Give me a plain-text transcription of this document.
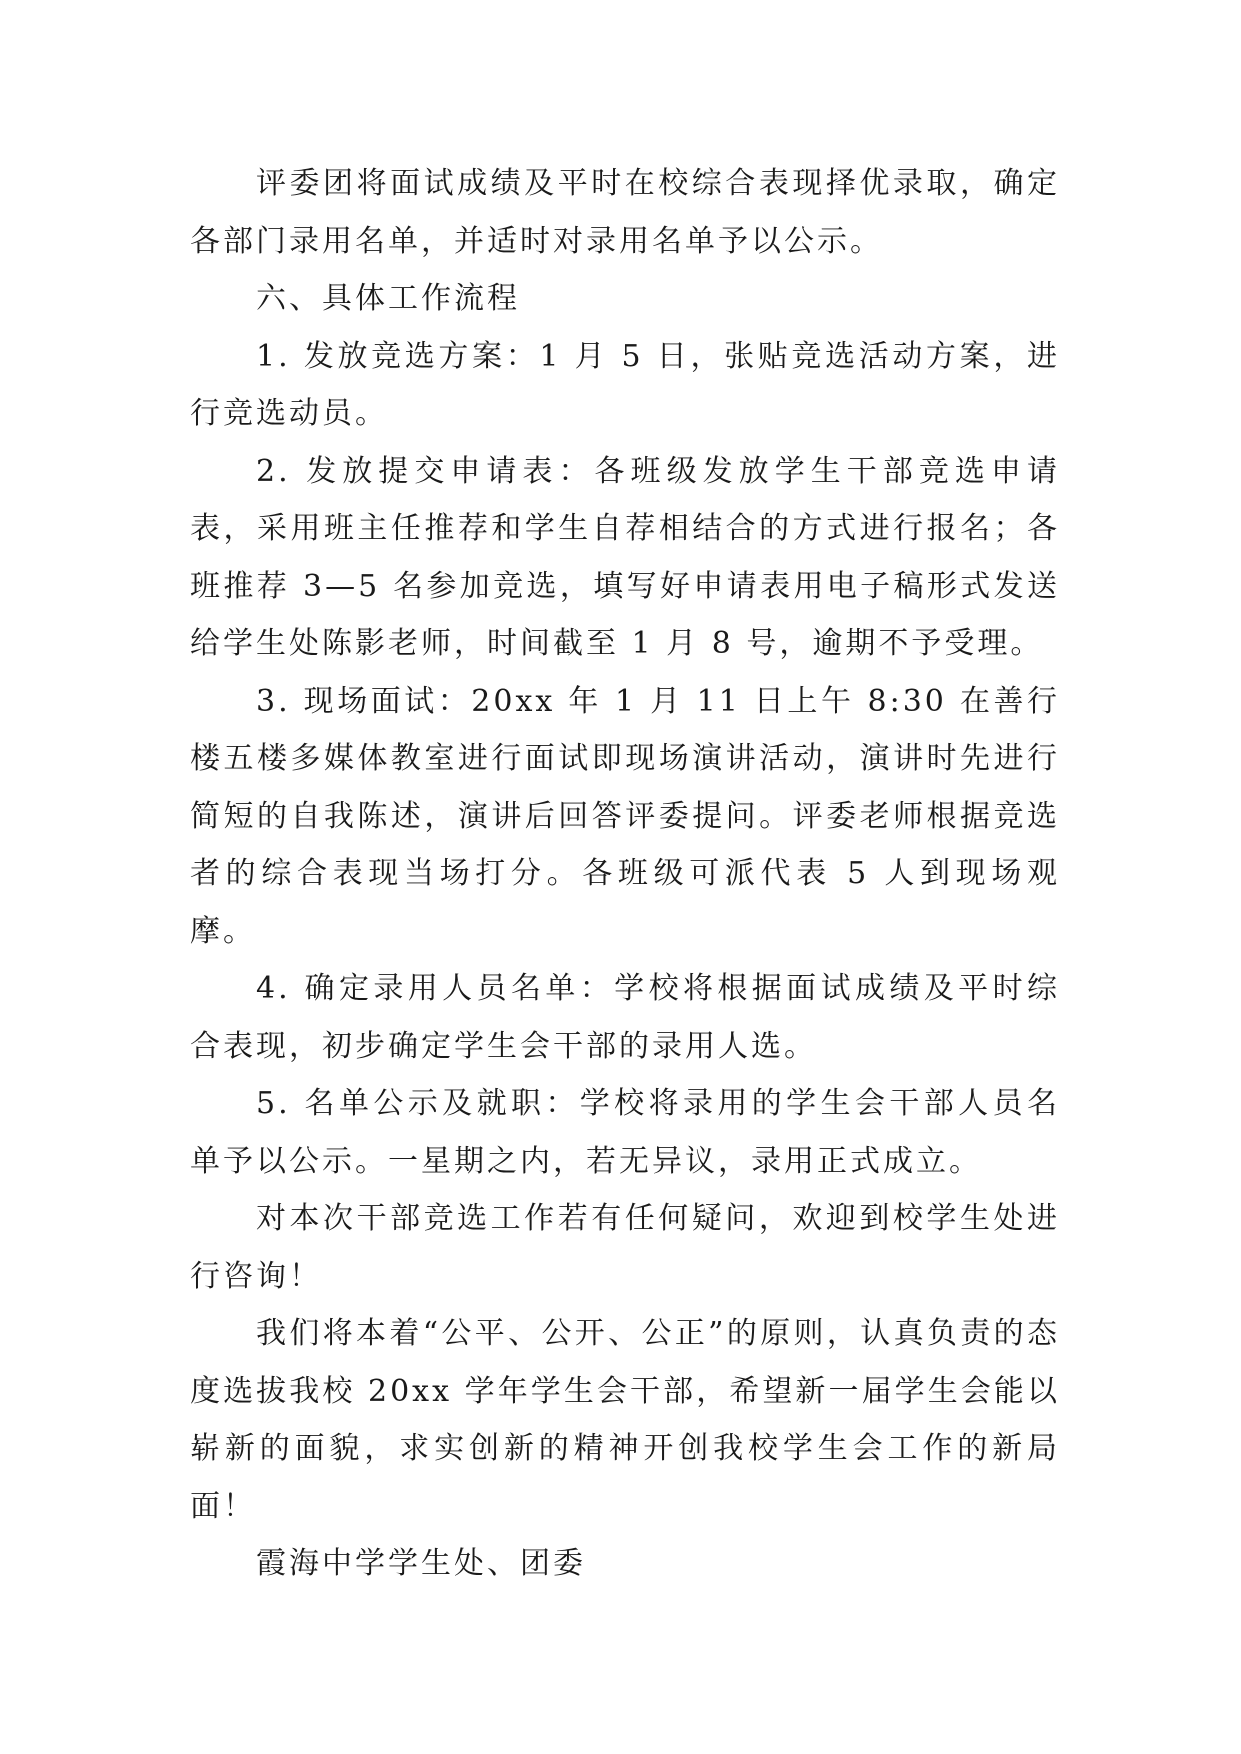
评委团将面试成绩及平时在校综合表现择优录取，确定各部门录用名单，并适时对录用名单予以公示。

六、具体工作流程

1. 发放竞选方案：1 月 5 日，张贴竞选活动方案，进行竞选动员。

2. 发放提交申请表：各班级发放学生干部竞选申请表，采用班主任推荐和学生自荐相结合的方式进行报名；各班推荐 3—5 名参加竞选，填写好申请表用电子稿形式发送给学生处陈影老师，时间截至 1 月 8 号，逾期不予受理。

3. 现场面试：20xx 年 1 月 11 日上午 8:30 在善行楼五楼多媒体教室进行面试即现场演讲活动，演讲时先进行简短的自我陈述，演讲后回答评委提问。评委老师根据竞选者的综合表现当场打分。各班级可派代表 5 人到现场观摩。

4. 确定录用人员名单：学校将根据面试成绩及平时综合表现，初步确定学生会干部的录用人选。

5. 名单公示及就职：学校将录用的学生会干部人员名单予以公示。一星期之内，若无异议，录用正式成立。

对本次干部竞选工作若有任何疑问，欢迎到校学生处进行咨询！

我们将本着“公平、公开、公正”的原则，认真负责的态度选拔我校 20xx 学年学生会干部，希望新一届学生会能以崭新的面貌，求实创新的精神开创我校学生会工作的新局面！

霞海中学学生处、团委
